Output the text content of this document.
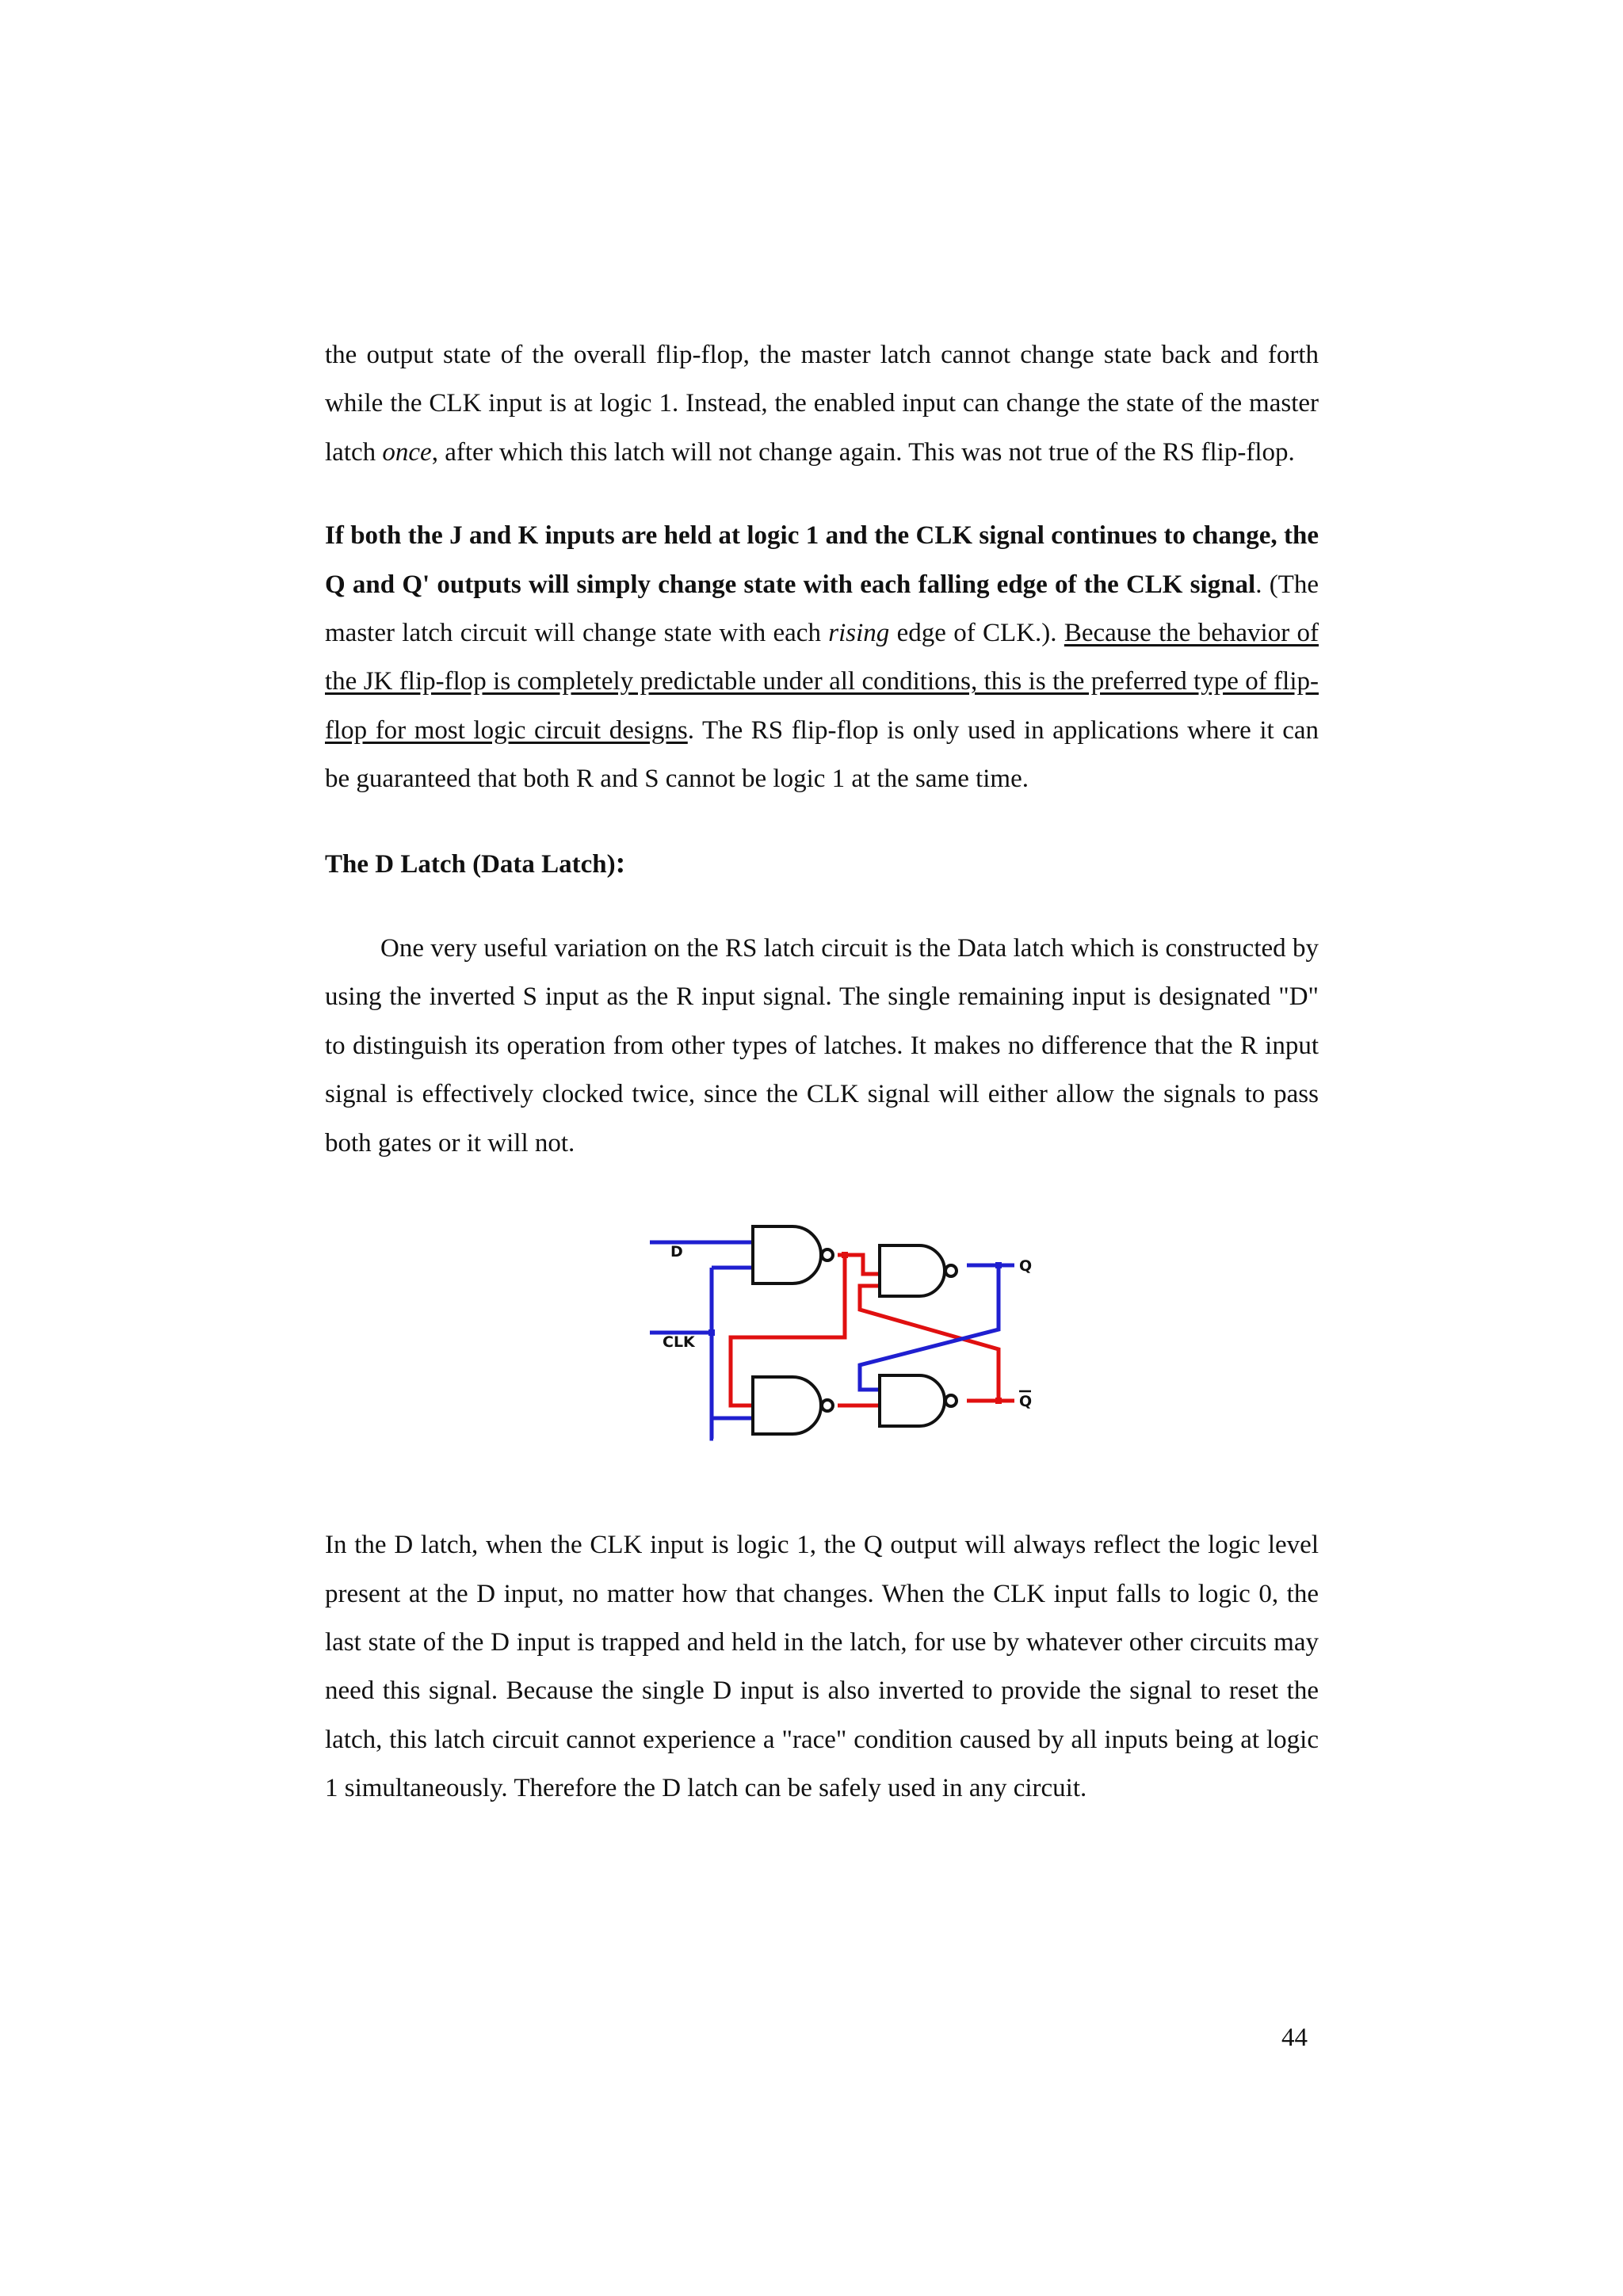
the output state of the overall flip-flop, the master latch cannot change state back and forth while the CLK input is at logic 1. Instead, the enabled input can change the state of the master latch once, after which this latch will not change again. This was not true of the RS flip-flop.

If both the J and K inputs are held at logic 1 and the CLK signal continues to change, the Q and Q' outputs will simply change state with each falling edge of the CLK signal. (The master latch circuit will change state with each rising edge of CLK.). Because the behavior of the JK flip-flop is completely predictable under all conditions, this is the preferred type of flip-flop for most logic circuit designs. The RS flip-flop is only used in applications where it can be guaranteed that both R and S cannot be logic 1 at the same time.

The D Latch (Data Latch):

One very useful variation on the RS latch circuit is the Data latch which is constructed by using the inverted S input as the R input signal. The single remaining input is designated "D" to distinguish its operation from other types of latches. It makes no difference that the R input signal is effectively clocked twice, since the CLK signal will either allow the signals to pass both gates or it will not.

D
CLK
Q
Q

In the D latch, when the CLK input is logic 1, the Q output will always reflect the logic level present at the D input, no matter how that changes. When the CLK input falls to logic 0, the last state of the D input is trapped and held in the latch, for use by whatever other circuits may need this signal. Because the single D input is also inverted to provide the signal to reset the latch, this latch circuit cannot experience a "race" condition caused by all inputs being at logic 1 simultaneously. Therefore the D latch can be safely used in any circuit.

44
